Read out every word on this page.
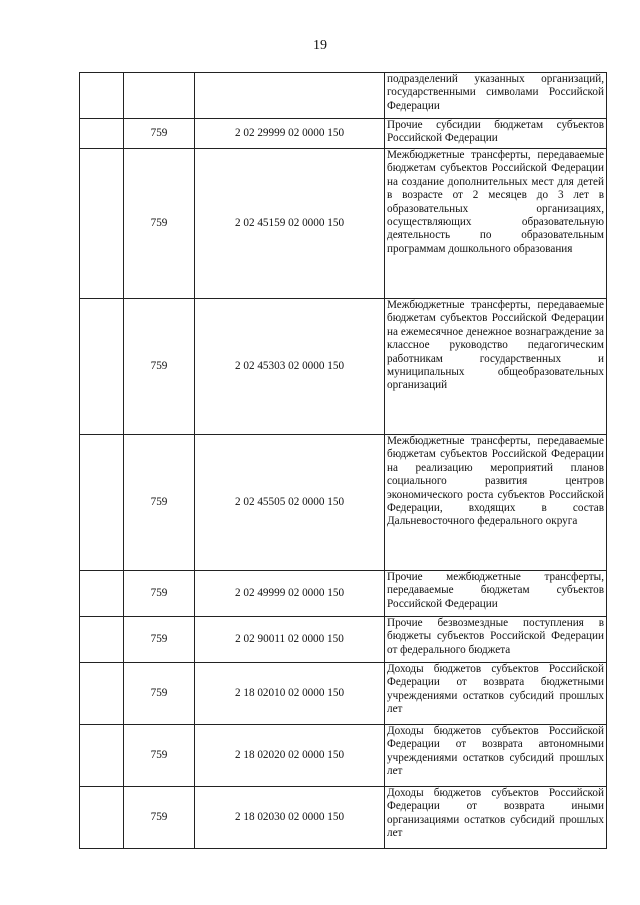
19
			подразделений указанных организаций, государственными символами Российской Федерации
	759	2 02 29999 02 0000 150	Прочие субсидии бюджетам субъектов Российской Федерации
	759	2 02 45159 02 0000 150	Межбюджетные трансферты, передаваемые бюджетам субъектов Российской Федерации на создание дополнительных мест для детей в возрасте от 2 месяцев до 3 лет в образовательных организациях, осуществляющих образовательную деятельность по образовательным программам дошкольного образования
	759	2 02 45303 02 0000 150	Межбюджетные трансферты, передаваемые бюджетам субъектов Российской Федерации на ежемесячное денежное вознаграждение за классное руководство педагогическим работникам государственных и муниципальных общеобразовательных организаций
	759	2 02 45505 02 0000 150	Межбюджетные трансферты, передаваемые бюджетам субъектов Российской Федерации на реализацию мероприятий планов социального развития центров экономического роста субъектов Российской Федерации, входящих в состав Дальневосточного федерального округа
	759	2 02 49999 02 0000 150	Прочие межбюджетные трансферты, передаваемые бюджетам субъектов Российской Федерации
	759	2 02 90011 02 0000 150	Прочие безвозмездные поступления в бюджеты субъектов Российской Федерации от федерального бюджета
	759	2 18 02010 02 0000 150	Доходы бюджетов субъектов Российской Федерации от возврата бюджетными учреждениями остатков субсидий прошлых лет
	759	2 18 02020 02 0000 150	Доходы бюджетов субъектов Российской Федерации от возврата автономными учреждениями остатков субсидий прошлых лет
	759	2 18 02030 02 0000 150	Доходы бюджетов субъектов Российской Федерации от возврата иными организациями остатков субсидий прошлых лет
